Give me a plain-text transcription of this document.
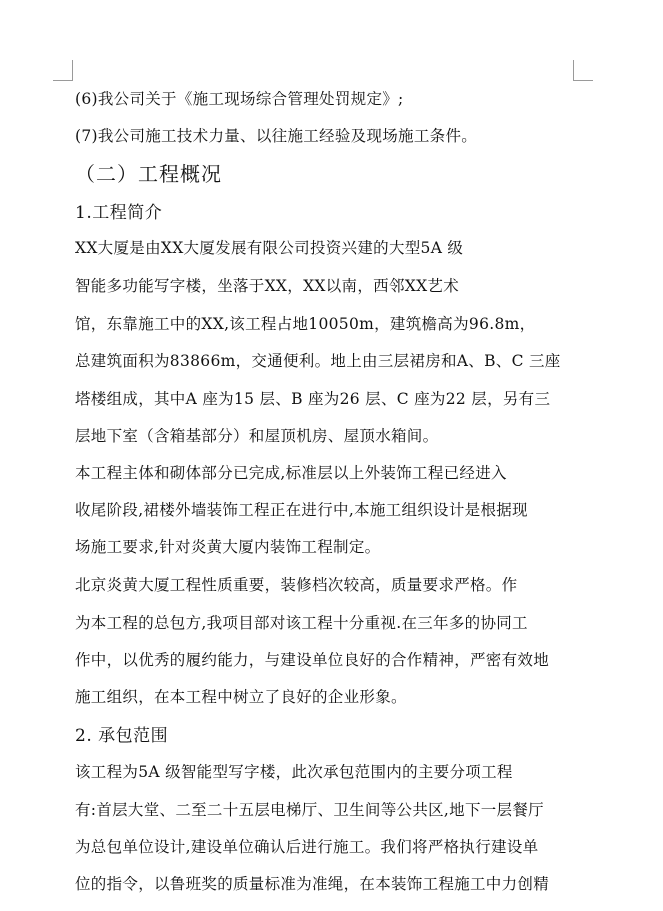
(6)我公司关于《施工现场综合管理处罚规定》;
(7)我公司施工技术力量、以往施工经验及现场施工条件。
（二）工程概况
1.工程简介
XX大厦是由XX大厦发展有限公司投资兴建的大型5A 级
智能多功能写字楼，坐落于XX，XX以南，西邻XX艺术
馆，东靠施工中的XX,该工程占地10050m，建筑檐高为96.8m，
总建筑面积为83866m，交通便利。地上由三层裙房和A、B、C 三座
塔楼组成，其中A 座为15 层、B 座为26 层、C 座为22 层，另有三
层地下室（含箱基部分）和屋顶机房、屋顶水箱间。
本工程主体和砌体部分已完成,标准层以上外装饰工程已经进入
收尾阶段,裙楼外墙装饰工程正在进行中,本施工组织设计是根据现
场施工要求,针对炎黄大厦内装饰工程制定。
北京炎黄大厦工程性质重要，装修档次较高，质量要求严格。作
为本工程的总包方,我项目部对该工程十分重视.在三年多的协同工
作中，以优秀的履约能力，与建设单位良好的合作精神，严密有效地
施工组织，在本工程中树立了良好的企业形象。
2. 承包范围
该工程为5A 级智能型写字楼，此次承包范围内的主要分项工程
有:首层大堂、二至二十五层电梯厅、卫生间等公共区,地下一层餐厅
为总包单位设计,建设单位确认后进行施工。我们将严格执行建设单
位的指令，以鲁班奖的质量标准为准绳，在本装饰工程施工中力创精
